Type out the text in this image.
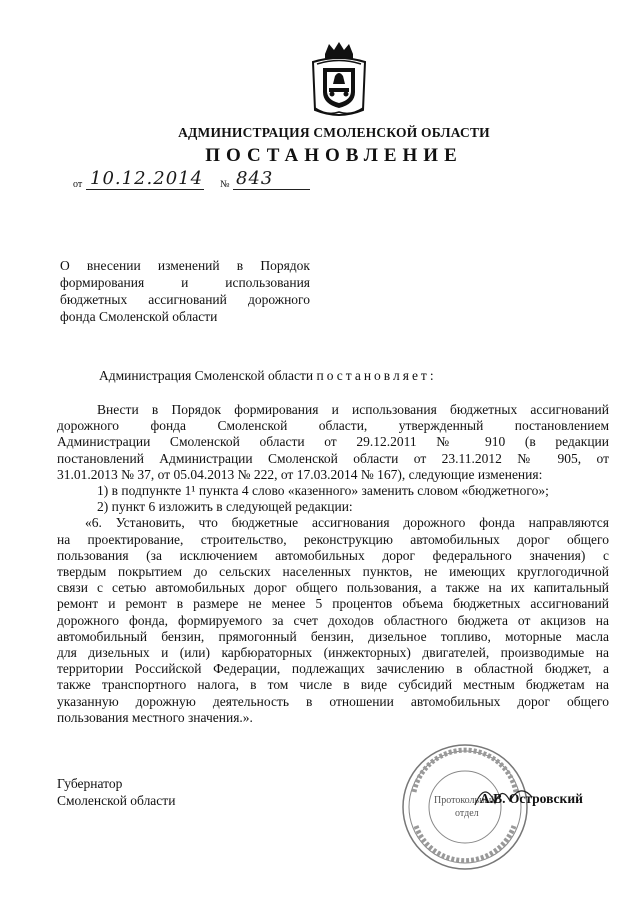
АДМИНИСТРАЦИЯ СМОЛЕНСКОЙ ОБЛАСТИ
ПОСТАНОВЛЕНИЕ
от 10.12.2014 № 843
О внесении изменений в Порядок
формирования и использования
бюджетных ассигнований дорожного
фонда Смоленской области
Администрация Смоленской области постановляет:
Внести в Порядок формирования и использования бюджетных ассигнований
дорожного фонда Смоленской области, утвержденный постановлением
Администрации Смоленской области от 29.12.2011 № 910 (в редакции
постановлений Администрации Смоленской области от 23.11.2012 № 905, от
31.01.2013 № 37, от 05.04.2013 № 222, от 17.03.2014 № 167), следующие изменения:
1) в подпункте 1¹ пункта 4 слово «казенного» заменить словом «бюджетного»;
2) пункт 6 изложить в следующей редакции:
«6. Установить, что бюджетные ассигнования дорожного фонда направляются
на проектирование, строительство, реконструкцию автомобильных дорог общего
пользования (за исключением автомобильных дорог федерального значения) с
твердым покрытием до сельских населенных пунктов, не имеющих круглогодичной
связи с сетью автомобильных дорог общего пользования, а также на их капитальный
ремонт и ремонт в размере не менее 5 процентов объема бюджетных ассигнований
дорожного фонда, формируемого за счет доходов областного бюджета от акцизов на
автомобильный бензин, прямогонный бензин, дизельное топливо, моторные масла
для дизельных и (или) карбюраторных (инжекторных) двигателей, производимые на
территории Российской Федерации, подлежащих зачислению в областной бюджет, а
также транспортного налога, в том числе в виде субсидий местным бюджетам на
указанную дорожную деятельность в отношении автомобильных дорог общего
пользования местного значения.».
Губернатор
Смоленской области	Протокольный
отдел
А.В. Островский
